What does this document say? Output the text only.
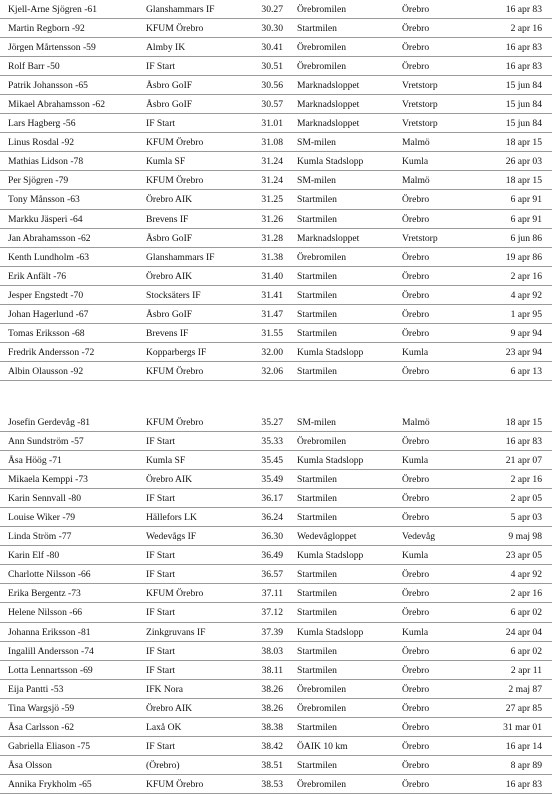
Kjell-Arne Sjögren -61	Glanshammars IF	30.27 Örebromilen	Örebro	16 apr 83
Martin Regborn -92	KFUM Örebro	30.30 Startmilen	Örebro	2 apr 16
Jörgen Mårtensson -59	Almby IK	30.41 Örebromilen	Örebro	16 apr 83
Rolf Barr -50	IF Start	30.51 Örebromilen	Örebro	16 apr 83
Patrik Johansson -65	Åsbro GoIF	30.56 Marknadsloppet	Vretstorp	15 jun 84
Mikael Abrahamsson -62	Åsbro GoIF	30.57 Marknadsloppet	Vretstorp	15 jun 84
Lars Hagberg -56	IF Start	31.01 Marknadsloppet	Vretstorp	15 jun 84
Linus Rosdal -92	KFUM Örebro	31.08 SM-milen	Malmö	18 apr 15
Mathias Lidson -78	Kumla SF	31.24 Kumla Stadslopp	Kumla	26 apr 03
Per Sjögren -79	KFUM Örebro	31.24 SM-milen	Malmö	18 apr 15
Tony Månsson -63	Örebro AIK	31.25 Startmilen	Örebro	6 apr 91
Markku Jäsperi -64	Brevens IF	31.26 Startmilen	Örebro	6 apr 91
Jan Abrahamsson -62	Åsbro GoIF	31.28 Marknadsloppet	Vretstorp	6 jun 86
Kenth Lundholm -63	Glanshammars IF	31.38 Örebromilen	Örebro	19 apr 86
Erik Anfält -76	Örebro AIK	31.40 Startmilen	Örebro	2 apr 16
Jesper Engstedt -70	Stocksäters IF	31.41 Startmilen	Örebro	4 apr 92
Johan Hagerlund -67	Åsbro GoIF	31.47 Startmilen	Örebro	1 apr 95
Tomas Eriksson -68	Brevens IF	31.55 Startmilen	Örebro	9 apr 94
Fredrik Andersson -72	Kopparbergs IF	32.00 Kumla Stadslopp	Kumla	23 apr 94
Albin Olausson -92	KFUM Örebro	32.06 Startmilen	Örebro	6 apr 13
Josefin Gerdevåg -81	KFUM Örebro	35.27 SM-milen	Malmö	18 apr 15
Ann Sundström -57	IF Start	35.33 Örebromilen	Örebro	16 apr 83
Åsa Höög -71	Kumla SF	35.45 Kumla Stadslopp	Kumla	21 apr 07
Mikaela Kemppi -73	Örebro AIK	35.49 Startmilen	Örebro	2 apr 16
Karin Sennvall -80	IF Start	36.17 Startmilen	Örebro	2 apr 05
Louise Wiker -79	Hällefors LK	36.24 Startmilen	Örebro	5 apr 03
Linda Ström -77	Wedevågs IF	36.30 Wedevågloppet	Vedevåg	9 maj 98
Karin Elf -80	IF Start	36.49 Kumla Stadslopp	Kumla	23 apr 05
Charlotte Nilsson -66	IF Start	36.57 Startmilen	Örebro	4 apr 92
Erika Bergentz -73	KFUM Örebro	37.11 Startmilen	Örebro	2 apr 16
Helene Nilsson -66	IF Start	37.12 Startmilen	Örebro	6 apr 02
Johanna Eriksson -81	Zinkgruvans IF	37.39 Kumla Stadslopp	Kumla	24 apr 04
Ingalill Andersson -74	IF Start	38.03 Startmilen	Örebro	6 apr 02
Lotta Lennartsson -69	IF Start	38.11 Startmilen	Örebro	2 apr 11
Eija Pantti -53	IFK Nora	38.26 Örebromilen	Örebro	2 maj 87
Tina Wargsjö -59	Örebro AIK	38.26 Örebromilen	Örebro	27 apr 85
Åsa Carlsson -62	Laxå OK	38.38 Startmilen	Örebro	31 mar 01
Gabriella Eliason -75	IF Start	38.42 ÖAIK 10 km	Örebro	16 apr 14
Åsa Olsson	(Örebro)	38.51 Startmilen	Örebro	8 apr 89
Annika Frykholm -65	KFUM Örebro	38.53 Örebromilen	Örebro	16 apr 83
